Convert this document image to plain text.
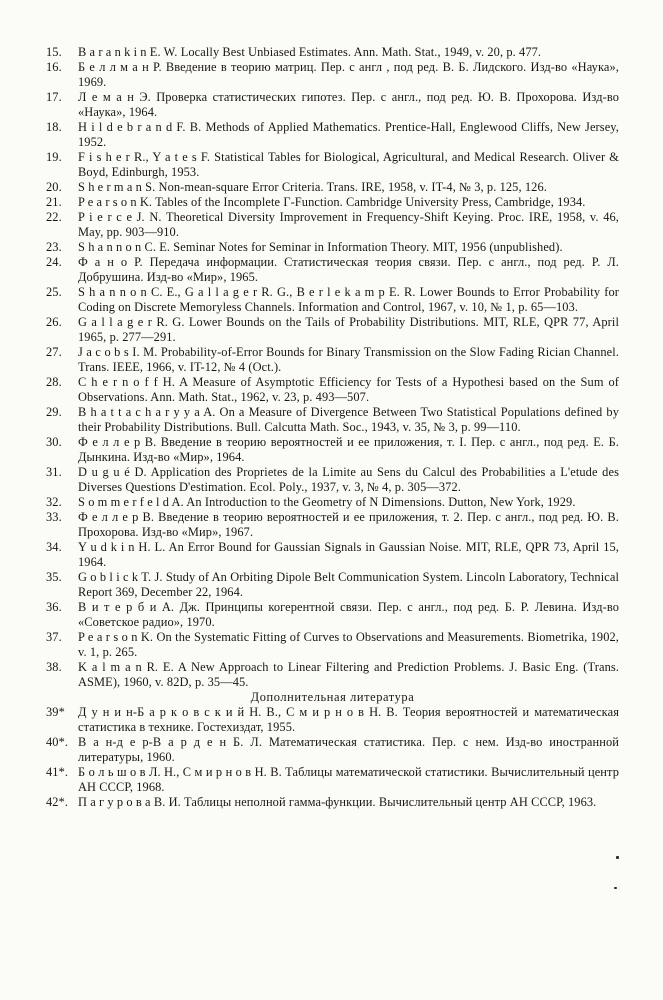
15. B a r a n k i n E. W. Locally Best Unbiased Estimates. Ann. Math. Stat., 1949, v. 20, p. 477.
16. Б е л л м а н Р. Введение в теорию матриц. Пер. с англ , под ред. В. Б. Лидского. Изд-во «Наука», 1969.
17. Л е м а н Э. Проверка статистических гипотез. Пер. с англ., под ред. Ю. В. Прохорова. Изд-во «Наука», 1964.
18. H i l d e b r a n d F. B. Methods of Applied Mathematics. Prentice-Hall, Englewood Cliffs, New Jersey, 1952.
19. F i s h e r R., Y a t e s F. Statistical Tables for Biological, Agricultural, and Medical Research. Oliver & Boyd, Edinburgh, 1953.
20. S h e r m a n S. Non-mean-square Error Criteria. Trans. IRE, 1958, v. IT-4, № 3, p. 125, 126.
21. P e a r s o n K. Tables of the Incomplete Γ-Function. Cambridge University Press, Cambridge, 1934.
22. P i e r c e J. N. Theoretical Diversity Improvement in Frequency-Shift Keying. Proc. IRE, 1958, v. 46, May, pp. 903—910.
23. S h a n n o n C. E. Seminar Notes for Seminar in Information Theory. MIT, 1956 (unpublished).
24. Ф а н о Р. Передача информации. Статистическая теория связи. Пер. с англ., под ред. Р. Л. Добрушина. Изд-во «Мир», 1965.
25. S h a n n o n C. E., G a l l a g e r R. G., B e r l e k a m p E. R. Lower Bounds to Error Probability for Coding on Discrete Memoryless Channels. Information and Control, 1967, v. 10, № 1, p. 65—103.
26. G a l l a g e r R. G. Lower Bounds on the Tails of Probability Distributions. MIT, RLE, QPR 77, April 1965, p. 277—291.
27. J a c o b s I. M. Probability-of-Error Bounds for Binary Transmission on the Slow Fading Rician Channel. Trans. IEEE, 1966, v. IT-12, № 4 (Oct.).
28. C h e r n o f f H. A Measure of Asymptotic Efficiency for Tests of a Hypothesi based on the Sum of Observations. Ann. Math. Stat., 1962, v. 23, p. 493—507.
29. B h a t t a c h a r y y a A. On a Measure of Divergence Between Two Statistical Populations defined by their Probability Distributions. Bull. Calcutta Math. Soc., 1943, v. 35, № 3, p. 99—110.
30. Ф е л л е р В. Введение в теорию вероятностей и ее приложения, т. I. Пер. с англ., под ред. Е. Б. Дынкина. Изд-во «Мир», 1964.
31. D u g u é D. Application des Proprietes de la Limite au Sens du Calcul des Probabilities a L'etude des Diverses Questions D'estimation. Ecol. Poly., 1937, v. 3, № 4, p. 305—372.
32. S o m m e r f e l d A. An Introduction to the Geometry of N Dimensions. Dutton, New York, 1929.
33. Ф е л л е р В. Введение в теорию вероятностей и ее приложения, т. 2. Пер. с англ., под ред. Ю. В. Прохорова. Изд-во «Мир», 1967.
34. Y u d k i n H. L. An Error Bound for Gaussian Signals in Gaussian Noise. MIT, RLE, QPR 73, April 15, 1964.
35. G o b l i c k T. J. Study of An Orbiting Dipole Belt Communication System. Lincoln Laboratory, Technical Report 369, December 22, 1964.
36. В и т е р б и А. Дж. Принципы когерентной связи. Пер. с англ., под ред. Б. Р. Левина. Изд-во «Советское радио», 1970.
37. P e a r s o n K. On the Systematic Fitting of Curves to Observations and Measurements. Biometrika, 1902, v. 1, p. 265.
38. K a l m a n R. E. A New Approach to Linear Filtering and Prediction Problems. J. Basic Eng. (Trans. ASME), 1960, v. 82D, p. 35—45.
Дополнительная литература
39* Д у н и н-Б а р к о в с к и й Н. В., С м и р н о в Н. В. Теория вероятностей и математическая статистика в технике. Гостехиздат, 1955.
40*. В а н-д е р-В а р д е н Б. Л. Математическая статистика. Пер. с нем. Изд-во иностранной литературы, 1960.
41*. Б о л ь ш о в Л. Н., С м и р н о в Н. В. Таблицы математической статистики. Вычислительный центр АН СССР, 1968.
42*. П а г у р о в а В. И. Таблицы неполной гамма-функции. Вычислительный центр АН СССР, 1963.
